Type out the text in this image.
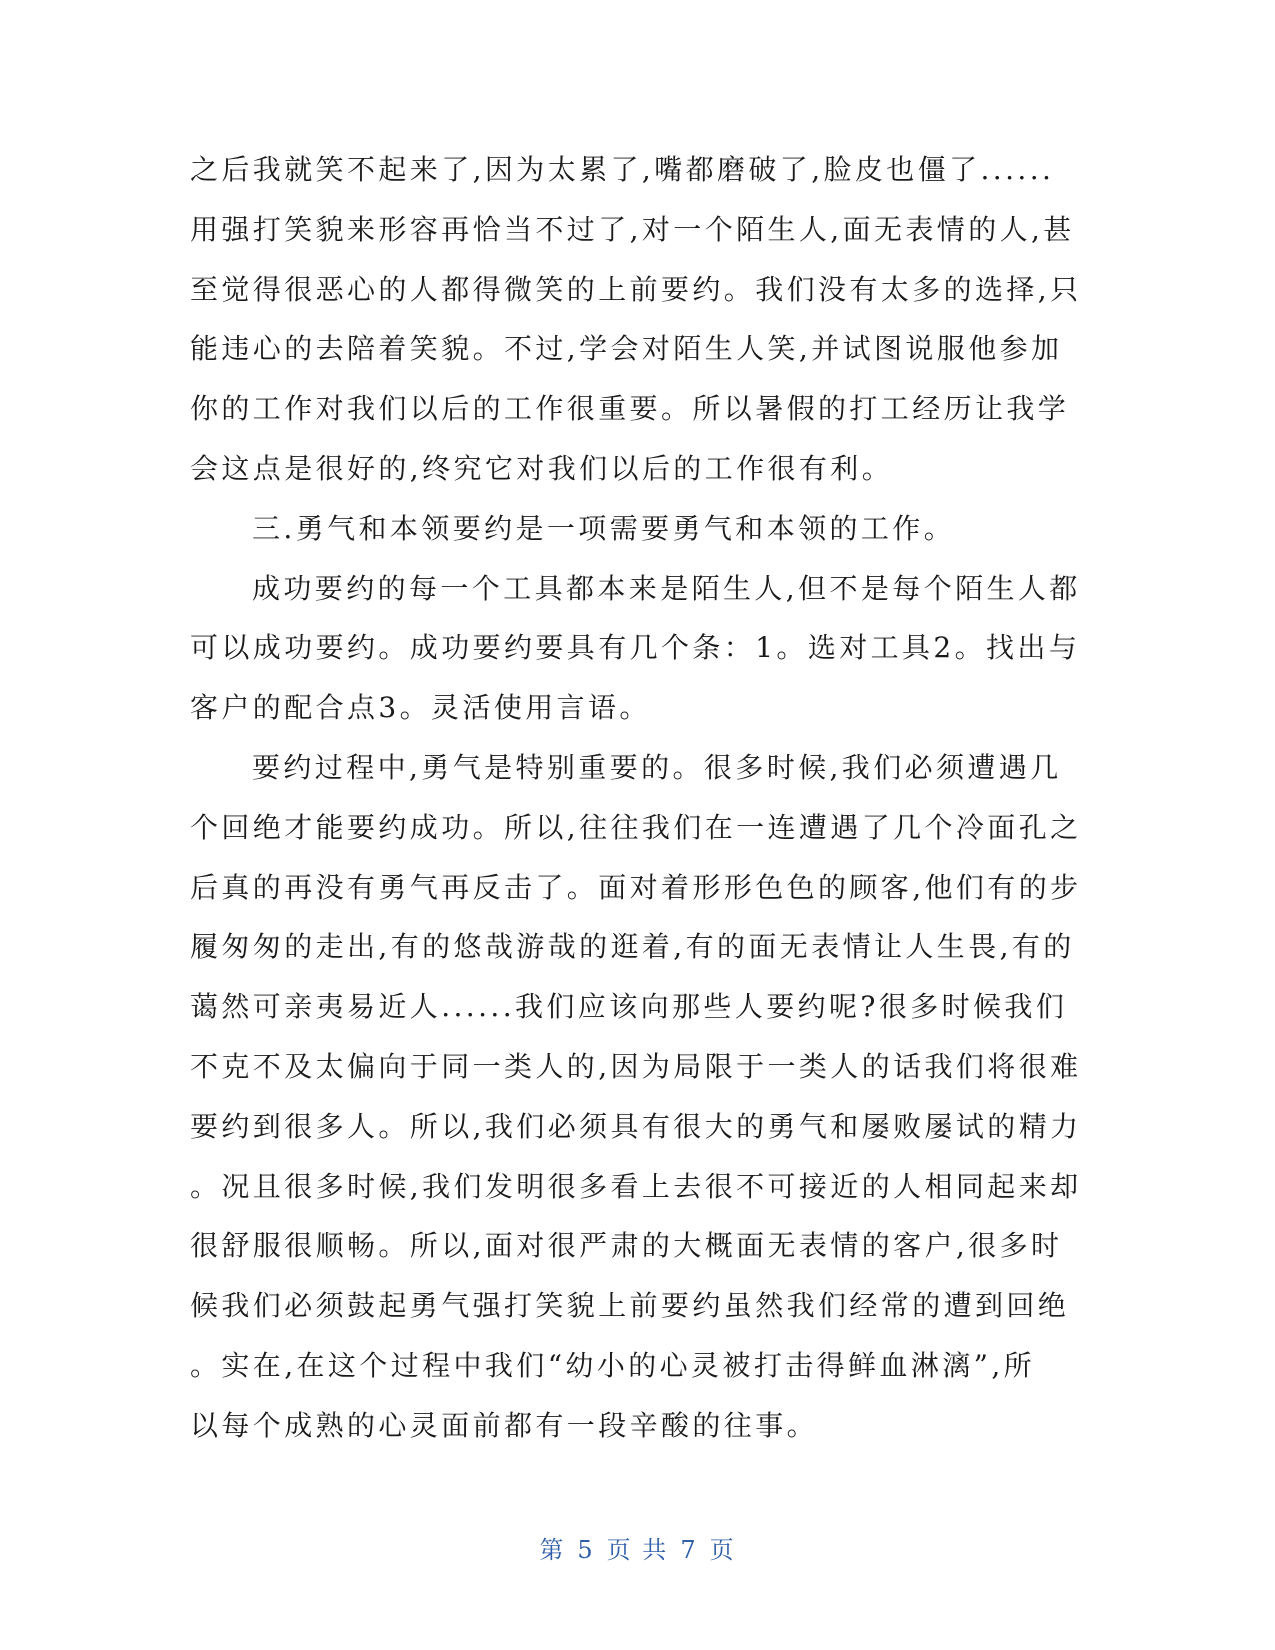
之后我就笑不起来了,因为太累了,嘴都磨破了,脸皮也僵了......
用强打笑貌来形容再恰当不过了,对一个陌生人,面无表情的人,甚
至觉得很恶心的人都得微笑的上前要约。我们没有太多的选择,只
能违心的去陪着笑貌。不过,学会对陌生人笑,并试图说服他参加
你的工作对我们以后的工作很重要。所以暑假的打工经历让我学
会这点是很好的,终究它对我们以后的工作很有利。
三.勇气和本领要约是一项需要勇气和本领的工作。
成功要约的每一个工具都本来是陌生人,但不是每个陌生人都
可以成功要约。成功要约要具有几个条：1。选对工具2。找出与
客户的配合点3。灵活使用言语。
要约过程中,勇气是特别重要的。很多时候,我们必须遭遇几
个回绝才能要约成功。所以,往往我们在一连遭遇了几个冷面孔之
后真的再没有勇气再反击了。面对着形形色色的顾客,他们有的步
履匆匆的走出,有的悠哉游哉的逛着,有的面无表情让人生畏,有的
蔼然可亲夷易近人......我们应该向那些人要约呢?很多时候我们
不克不及太偏向于同一类人的,因为局限于一类人的话我们将很难
要约到很多人。所以,我们必须具有很大的勇气和屡败屡试的精力
。况且很多时候,我们发明很多看上去很不可接近的人相同起来却
很舒服很顺畅。所以,面对很严肃的大概面无表情的客户,很多时
候我们必须鼓起勇气强打笑貌上前要约虽然我们经常的遭到回绝
。实在,在这个过程中我们“幼小的心灵被打击得鲜血淋漓”,所
以每个成熟的心灵面前都有一段辛酸的往事。
第 5 页 共 7 页
